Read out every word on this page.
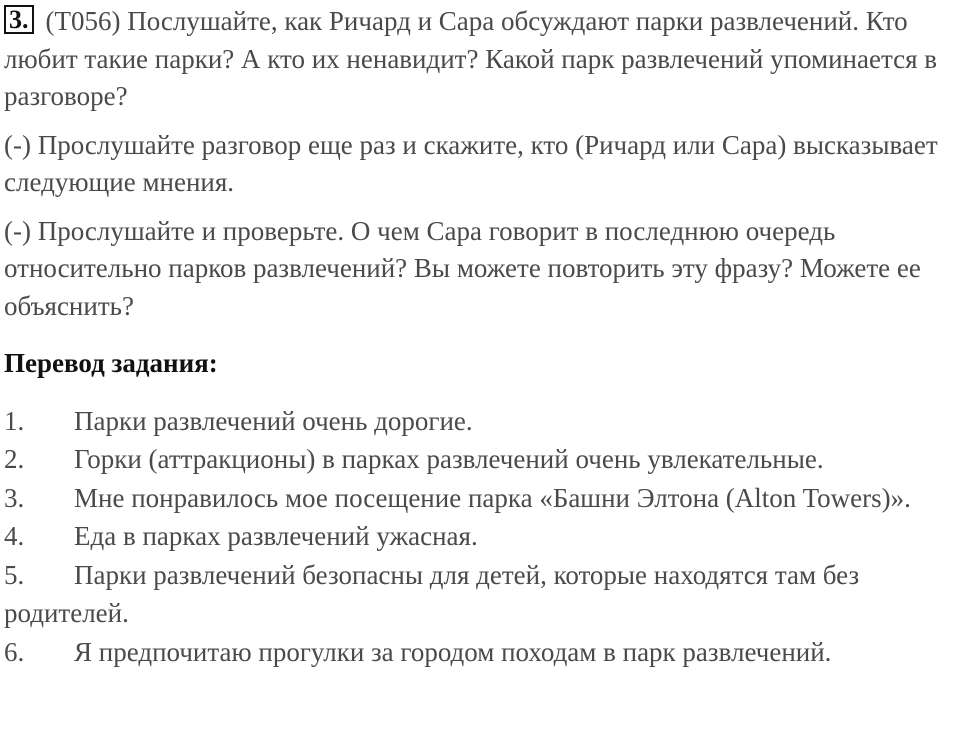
3. (T056) Послушайте, как Ричард и Сара обсуждают парки развлечений. Кто любит такие парки? А кто их ненавидит? Какой парк развлечений упоминается в разговоре?

(-) Прослушайте разговор еще раз и скажите, кто (Ричард или Сара) высказывает следующие мнения.

(-) Прослушайте и проверьте. О чем Сара говорит в последнюю очередь относительно парков развлечений? Вы можете повторить эту фразу? Можете ее объяснить?

Перевод задания:

1. Парки развлечений очень дорогие.

2. Горки (аттракционы) в парках развлечений очень увлекательные.

3. Мне понравилось мое посещение парка «Башни Элтона (Alton Towers)».

4. Еда в парках развлечений ужасная.

5. Парки развлечений безопасны для детей, которые находятся там без родителей.

6. Я предпочитаю прогулки за городом походам в парк развлечений.
